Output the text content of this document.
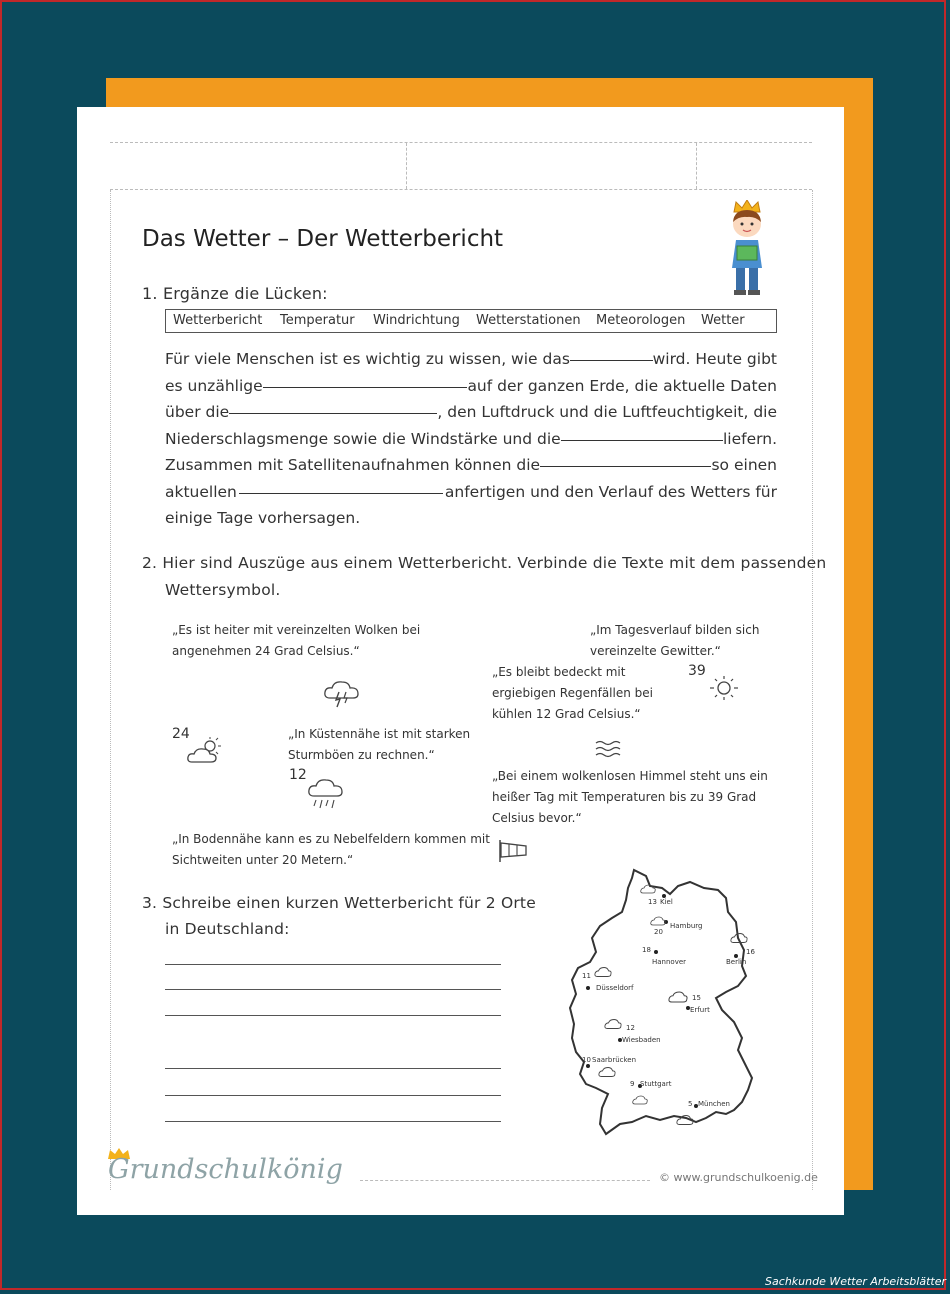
Das Wetter – Der Wetterbericht
1. Ergänze die Lücken:
Wetterbericht Temperatur Windrichtung Wetterstationen Meteorologen Wetter
Für viele Menschen ist es wichtig zu wissen, wie das	wird. Heute gibt
es unzählige	auf der ganzen Erde, die aktuelle Daten
über die	, den Luftdruck und die Luftfeuchtigkeit, die
Niederschlagsmenge sowie die Windstärke und die	liefern.
Zusammen mit Satellitenaufnahmen können die	so einen
aktuellen	anfertigen und den Verlauf des Wetters für
einige Tage vorhersagen.
2. Hier sind Auszüge aus einem Wetterbericht. Verbinde die Texte mit dem passenden
Wettersymbol.
„Es ist heiter mit vereinzelten Wolken bei
angenehmen 24 Grad Celsius.“
„Im Tagesverlauf bilden sich
vereinzelte Gewitter.“
„Es bleibt bedeckt mit
ergiebigen Regenfällen bei
kühlen 12 Grad Celsius.“
39
24	„In Küstennähe ist mit starken
Sturmböen zu rechnen.“
12	„Bei einem wolkenlosen Himmel steht uns ein
heißer Tag mit Temperaturen bis zu 39 Grad
Celsius bevor.“
„In Bodennähe kann es zu Nebelfeldern kommen mit
Sichtweiten unter 20 Metern.“
3. Schreibe einen kurzen Wetterbericht für 2 Orte
in Deutschland:
13 Kiel
20
Hamburg
18
Hannover
16
Berlin
11
Düsseldorf
15
Erfurt
12
Wiesbaden
10 Saarbrücken
9 Stuttgart
5 München
Grundschulkönig	© www.grundschulkoenig.de
Sachkunde Wetter Arbeitsblätter
